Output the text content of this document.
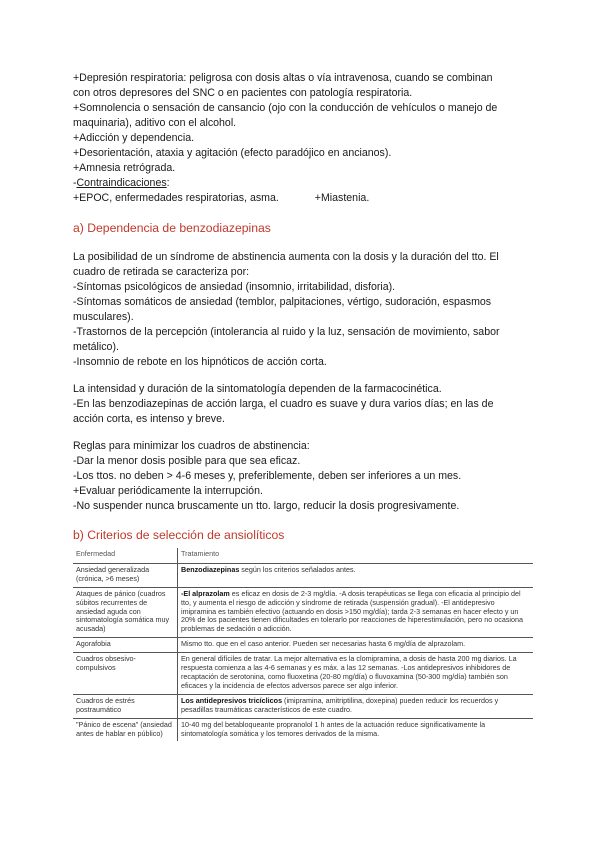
+Depresión respiratoria: peligrosa con dosis altas o vía intravenosa, cuando se combinan
con otros depresores del SNC o en pacientes con patología respiratoria.
+Somnolencia o sensación de cansancio (ojo con la conducción de vehículos o manejo de
maquinaria), aditivo con el alcohol.
+Adicción y dependencia.
+Desorientación, ataxia y agitación (efecto paradójico en ancianos).
+Amnesia retrógrada.
-Contraindicaciones:
+EPOC, enfermedades respiratorias, asma.	+Miastenia.
a) Dependencia de benzodiazepinas
La posibilidad de un síndrome de abstinencia aumenta con la dosis y la duración del tto. El
cuadro de retirada se caracteriza por:
-Síntomas psicológicos de ansiedad (insomnio, irritabilidad, disforia).
-Síntomas somáticos de ansiedad (temblor, palpitaciones, vértigo, sudoración, espasmos
musculares).
-Trastornos de la percepción (intolerancia al ruido y la luz, sensación de movimiento, sabor
metálico).
-Insomnio de rebote en los hipnóticos de acción corta.
La intensidad y duración de la sintomatología dependen de la farmacocinética.
-En las benzodiazepinas de acción larga, el cuadro es suave y dura varios días; en las de
acción corta, es intenso y breve.
Reglas para minimizar los cuadros de abstinencia:
-Dar la menor dosis posible para que sea eficaz.
-Los ttos. no deben > 4-6 meses y, preferiblemente, deben ser inferiores a un mes.
+Evaluar periódicamente la interrupción.
-No suspender nunca bruscamente un tto. largo, reducir la dosis progresivamente.
b) Criterios de selección de ansiolíticos
Enfermedad	Tratamiento
Ansiedad generalizada (crónica, >6 meses)	Benzodiazepinas según los criterios señalados antes.
Ataques de pánico (cuadros súbitos recurrentes de ansiedad aguda con sintomatología somática muy acusada)	-El alprazolam es eficaz en dosis de 2-3 mg/día. -A dosis terapéuticas se llega con eficacia al principio del tto, y aumenta el riesgo de adicción y síndrome de retirada (suspensión gradual). -El antidepresivo imipramina es también efectivo (actuando en dosis >150 mg/día); tarda 2-3 semanas en hacer efecto y un 20% de los pacientes tienen dificultades en tolerarlo por reacciones de hiperestimulación, pero no ocasiona problemas de sedación o adicción.
Agorafobia	Mismo tto. que en el caso anterior. Pueden ser necesarias hasta 6 mg/día de alprazolam.
Cuadros obsesivo-compulsivos	En general difíciles de tratar. La mejor alternativa es la clomipramina, a dosis de hasta 200 mg diarios. La respuesta comienza a las 4-6 semanas y es máx. a las 12 semanas. -Los antidepresivos inhibidores de recaptación de serotonina, como fluoxetina (20-80 mg/día) o fluvoxamina (50-300 mg/día) también son eficaces y la incidencia de efectos adversos parece ser algo inferior.
Cuadros de estrés postraumático	Los antidepresivos tricíclicos (imipramina, amitriptilina, doxepina) pueden reducir los recuerdos y pesadillas traumáticas característicos de este cuadro.
"Pánico de escena" (ansiedad antes de hablar en público)	10-40 mg del betabloqueante propranolol 1 h antes de la actuación reduce significativamente la sintomatología somática y los temores derivados de la misma.
